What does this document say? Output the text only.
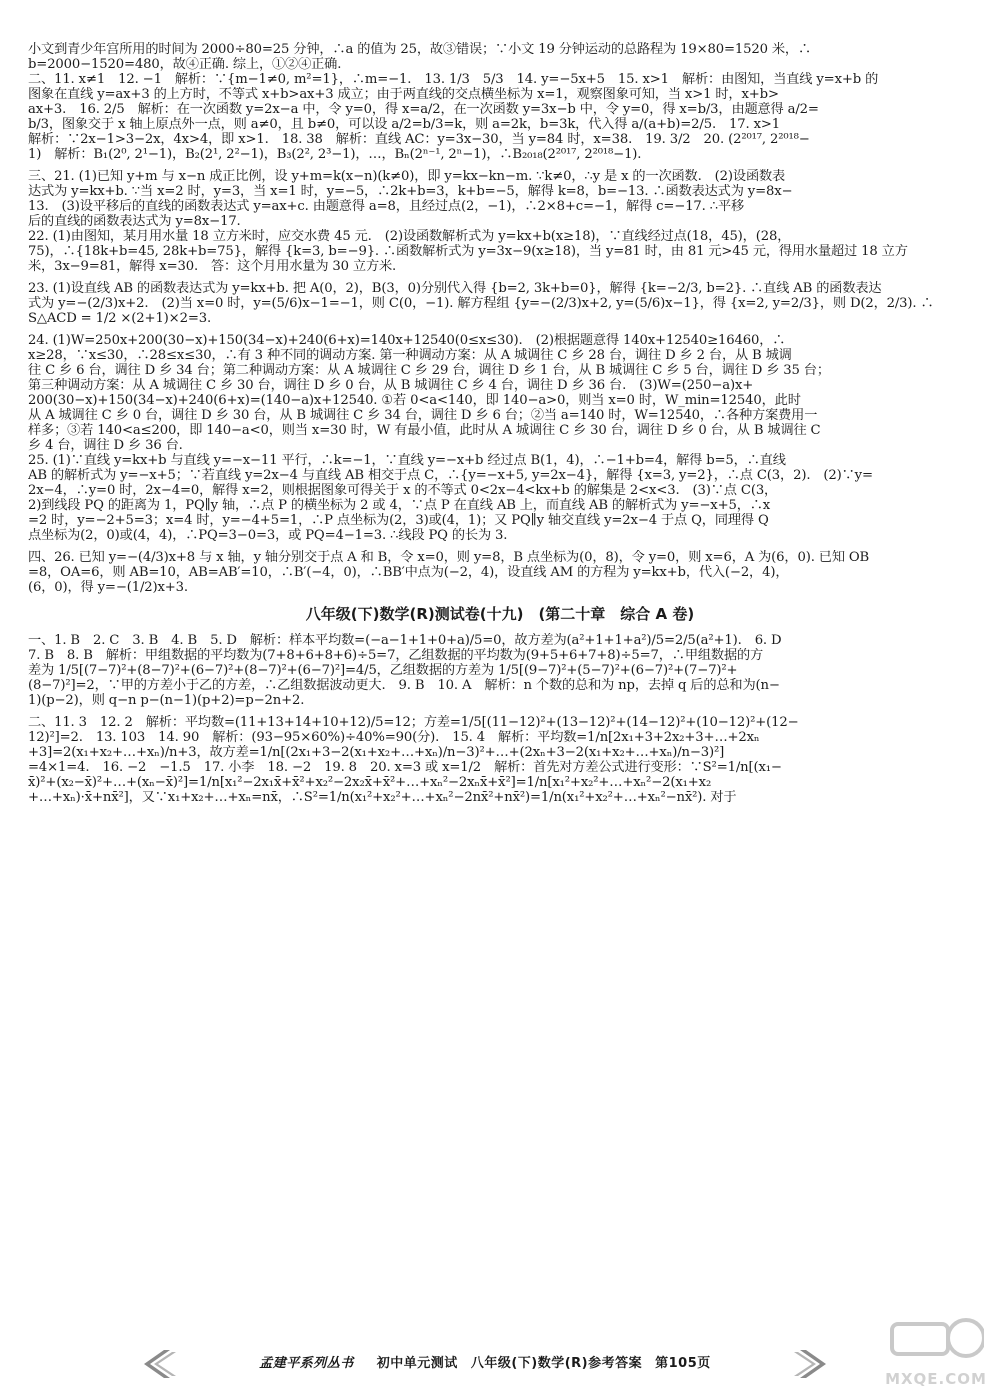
小文到青少年宫所用的时间为 2000÷80=25 分钟，∴a 的值为 25，故③错误；∵小文 19 分钟运动的总路程为 19×80=1520 米，∴
b=2000−1520=480，故④正确. 综上，①②④正确.
二、11. x≠1　12. −1　解析：∵{m−1≠0, m²=1}，∴m=−1.　13. 1/3　5/3　14. y=−5x+5　15. x>1　解析：由图知，当直线 y=x+b 的
图象在直线 y=ax+3 的上方时，不等式 x+b>ax+3 成立；由于两直线的交点横坐标为 x=1，观察图象可知，当 x>1 时，x+b>
ax+3.　16. 2/5　解析：在一次函数 y=2x−a 中，令 y=0，得 x=a/2，在一次函数 y=3x−b 中，令 y=0，得 x=b/3，由题意得 a/2=
b/3，图象交于 x 轴上原点外一点，则 a≠0，且 b≠0，可以设 a/2=b/3=k，则 a=2k，b=3k，代入得 a/(a+b)=2/5.　17. x>1
解析：∵2x−1>3−2x，4x>4，即 x>1.　18. 38　解析：直线 AC：y=3x−30，当 y=84 时，x=38.　19. 3/2　20. (2²⁰¹⁷, 2²⁰¹⁸−
1)　解析：B₁(2⁰, 2¹−1)，B₂(2¹, 2²−1)，B₃(2², 2³−1)，…，Bₙ(2ⁿ⁻¹, 2ⁿ−1)，∴B₂₀₁₈(2²⁰¹⁷, 2²⁰¹⁸−1).
三、21. (1)已知 y+m 与 x−n 成正比例，设 y+m=k(x−n)(k≠0)，即 y=kx−kn−m. ∵k≠0，∴y 是 x 的一次函数.　(2)设函数表
达式为 y=kx+b. ∵当 x=2 时，y=3，当 x=1 时，y=−5，∴2k+b=3，k+b=−5，解得 k=8，b=−13. ∴函数表达式为 y=8x−
13.　(3)设平移后的直线的函数表达式 y=ax+c. 由题意得 a=8，且经过点(2，−1)，∴2×8+c=−1，解得 c=−17. ∴平移
后的直线的函数表达式为 y=8x−17.
22. (1)由图知，某月用水量 18 立方米时，应交水费 45 元.　(2)设函数解析式为 y=kx+b(x≥18)，∵直线经过点(18，45)，(28，
75)，∴{18k+b=45, 28k+b=75}，解得 {k=3, b=−9}. ∴函数解析式为 y=3x−9(x≥18)，当 y=81 时，由 81 元>45 元，得用水量超过 18 立方
米，3x−9=81，解得 x=30.　答：这个月用水量为 30 立方米.
23. (1)设直线 AB 的函数表达式为 y=kx+b. 把 A(0，2)，B(3，0)分别代入得 {b=2, 3k+b=0}，解得 {k=−2/3, b=2}. ∴直线 AB 的函数表达
式为 y=−(2/3)x+2.　(2)当 x=0 时，y=(5/6)x−1=−1，则 C(0，−1). 解方程组 {y=−(2/3)x+2, y=(5/6)x−1}，得 {x=2, y=2/3}，则 D(2，2/3). ∴
S△ACD = 1/2 ×(2+1)×2=3.
24. (1)W=250x+200(30−x)+150(34−x)+240(6+x)=140x+12540(0≤x≤30).　(2)根据题意得 140x+12540≥16460，∴
x≥28，∵x≤30，∴28≤x≤30，∴有 3 种不同的调动方案. 第一种调动方案：从 A 城调往 C 乡 28 台，调往 D 乡 2 台，从 B 城调
往 C 乡 6 台，调往 D 乡 34 台；第二种调动方案：从 A 城调往 C 乡 29 台，调往 D 乡 1 台，从 B 城调往 C 乡 5 台，调往 D 乡 35 台；
第三种调动方案：从 A 城调往 C 乡 30 台，调往 D 乡 0 台，从 B 城调往 C 乡 4 台，调往 D 乡 36 台.　(3)W=(250−a)x+
200(30−x)+150(34−x)+240(6+x)=(140−a)x+12540. ①若 0<a<140，即 140−a>0，则当 x=0 时，W_min=12540，此时
从 A 城调往 C 乡 0 台，调往 D 乡 30 台，从 B 城调往 C 乡 34 台，调往 D 乡 6 台；②当 a=140 时，W=12540，∴各种方案费用一
样多；③若 140<a≤200，即 140−a<0，则当 x=30 时，W 有最小值，此时从 A 城调往 C 乡 30 台，调往 D 乡 0 台，从 B 城调往 C
乡 4 台，调往 D 乡 36 台.
25. (1)∵直线 y=kx+b 与直线 y=−x−11 平行，∴k=−1，∵直线 y=−x+b 经过点 B(1，4)，∴−1+b=4，解得 b=5，∴直线
AB 的解析式为 y=−x+5；∵若直线 y=2x−4 与直线 AB 相交于点 C，∴{y=−x+5, y=2x−4}，解得 {x=3, y=2}，∴点 C(3，2).　(2)∵y=
2x−4，∴y=0 时，2x−4=0，解得 x=2，则根据图象可得关于 x 的不等式 0<2x−4<kx+b 的解集是 2<x<3.　(3)∵点 C(3，
2)到线段 PQ 的距离为 1，PQ∥y 轴，∴点 P 的横坐标为 2 或 4，∵点 P 在直线 AB 上，而直线 AB 的解析式为 y=−x+5，∴x
=2 时，y=−2+5=3；x=4 时，y=−4+5=1，∴P 点坐标为(2，3)或(4，1)；又 PQ∥y 轴交直线 y=2x−4 于点 Q，同理得 Q
点坐标为(2，0)或(4，4)，∴PQ=3−0=3，或 PQ=4−1=3. ∴线段 PQ 的长为 3.
四、26. 已知 y=−(4/3)x+8 与 x 轴，y 轴分别交于点 A 和 B，令 x=0，则 y=8，B 点坐标为(0，8)，令 y=0，则 x=6，A 为(6，0). 已知 OB
=8，OA=6，则 AB=10，AB=AB′=10，∴B′(−4，0)，∴BB′中点为(−2，4)，设直线 AM 的方程为 y=kx+b，代入(−2，4)，
(6，0)，得 y=−(1/2)x+3.
八年级(下)数学(R)测试卷(十九)　(第二十章　综合 A 卷)
一、1. B　2. C　3. B　4. B　5. D　解析：样本平均数=(−a−1+1+0+a)/5=0，故方差为(a²+1+1+a²)/5=2/5(a²+1).　6. D
7. B　8. B　解析：甲组数据的平均数为(7+8+6+8+6)÷5=7，乙组数据的平均数为(9+5+6+7+8)÷5=7，∴甲组数据的方
差为 1/5[(7−7)²+(8−7)²+(6−7)²+(8−7)²+(6−7)²]=4/5，乙组数据的方差为 1/5[(9−7)²+(5−7)²+(6−7)²+(7−7)²+
(8−7)²]=2，∵甲的方差小于乙的方差，∴乙组数据波动更大.　9. B　10. A　解析：n 个数的总和为 np，去掉 q 后的总和为(n−
1)(p−2)，则 q−n p−(n−1)(p+2)=p−2n+2.
二、11. 3　12. 2　解析：平均数=(11+13+14+10+12)/5=12；方差=1/5[(11−12)²+(13−12)²+(14−12)²+(10−12)²+(12−
12)²]=2.　13. 103　14. 90　解析：(93−95×60%)÷40%=90(分).　15. 4　解析：平均数=1/n[2x₁+3+2x₂+3+…+2xₙ
+3]=2(x₁+x₂+…+xₙ)/n+3，故方差=1/n[(2x₁+3−2(x₁+x₂+…+xₙ)/n−3)²+…+(2xₙ+3−2(x₁+x₂+…+xₙ)/n−3)²]
=4×1=4.　16. −2　−1.5　17. 小李　18. −2　19. 8　20. x=3 或 x=1/2　解析：首先对方差公式进行变形：∵S²=1/n[(x₁−
x̄)²+(x₂−x̄)²+…+(xₙ−x̄)²]=1/n[x₁²−2x₁x̄+x̄²+x₂²−2x₂x̄+x̄²+…+xₙ²−2xₙx̄+x̄²]=1/n[x₁²+x₂²+…+xₙ²−2(x₁+x₂
+…+xₙ)·x̄+nx̄²]，又∵x₁+x₂+…+xₙ=nx̄，∴S²=1/n(x₁²+x₂²+…+xₙ²−2nx̄²+nx̄²)=1/n(x₁²+x₂²+…+xₙ²−nx̄²). 对于
孟建平系列丛书 初中单元测试 八年级(下)数学(R)参考答案 第105页
MXQE.COM
